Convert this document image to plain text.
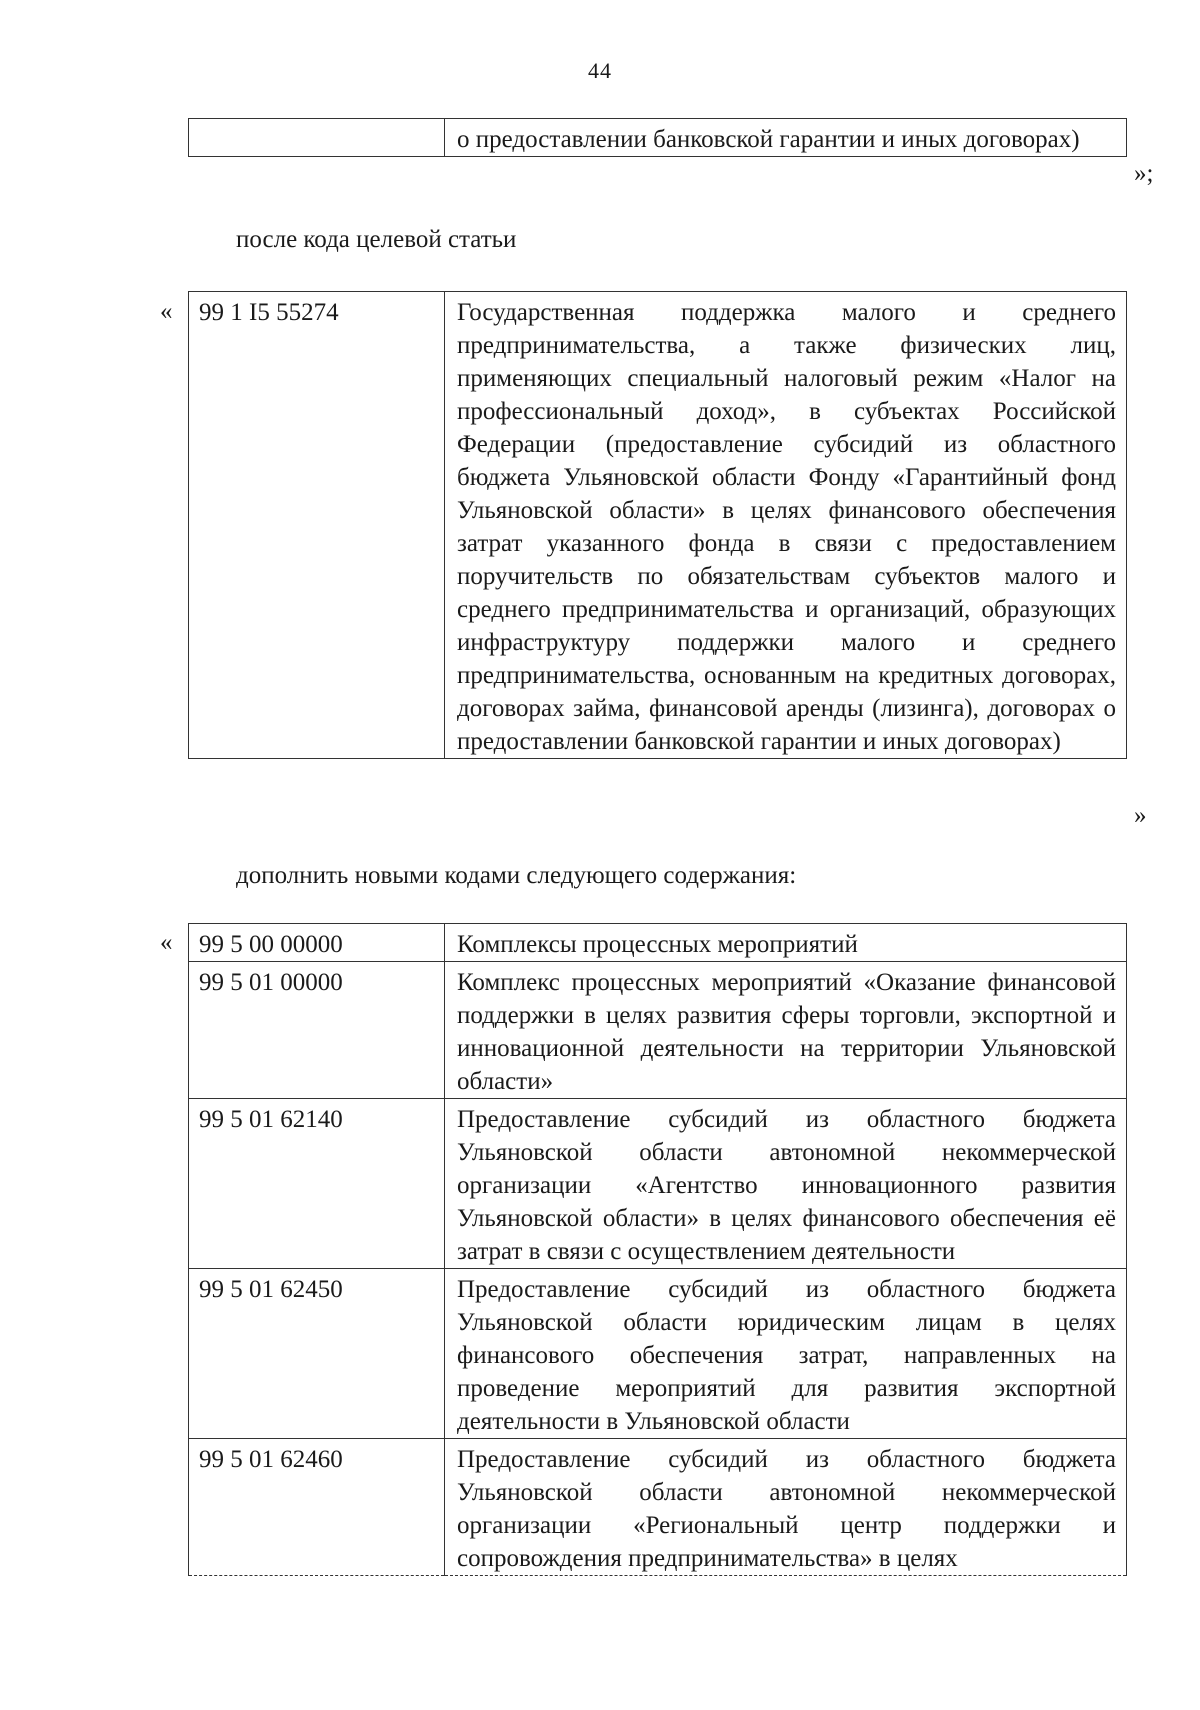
44

о предоставлении банковской гарантии и иных договорах)
»;
после кода целевой статьи
« 99 1 I5 55274	Государственная поддержка малого и среднего предпринимательства, а также физических лиц, применяющих специальный налоговый режим «Налог на профессиональный доход», в субъектах Российской Федерации (предоставление субсидий из областного бюджета Ульяновской области Фонду «Гарантийный фонд Ульяновской области» в целях финансового обеспечения затрат указанного фонда в связи с предоставлением поручительств по обязательствам субъектов малого и среднего предпринимательства и организаций, образующих инфраструктуру поддержки малого и среднего предпринимательства, основанным на кредитных договорах, договорах займа, финансовой аренды (лизинга), договорах о предоставлении банковской гарантии и иных договорах)
»
дополнить новыми кодами следующего содержания:
« 99 5 00 00000	Комплексы процессных мероприятий

99 5 01 00000	Комплекс процессных мероприятий «Оказание финансовой поддержки в целях развития сферы торговли, экспортной и инновационной деятельности на территории Ульяновской области»

99 5 01 62140	Предоставление субсидий из областного бюджета Ульяновской области автономной некоммерческой организации «Агентство инновационного развития Ульяновской области» в целях финансового обеспечения её затрат в связи с осуществлением деятельности

99 5 01 62450	Предоставление субсидий из областного бюджета Ульяновской области юридическим лицам в целях финансового обеспечения затрат, направленных на проведение мероприятий для развития экспортной деятельности в Ульяновской области

99 5 01 62460	Предоставление субсидий из областного бюджета Ульяновской области автономной некоммерческой организации «Региональный центр поддержки и сопровождения предпринимательства» в целях
